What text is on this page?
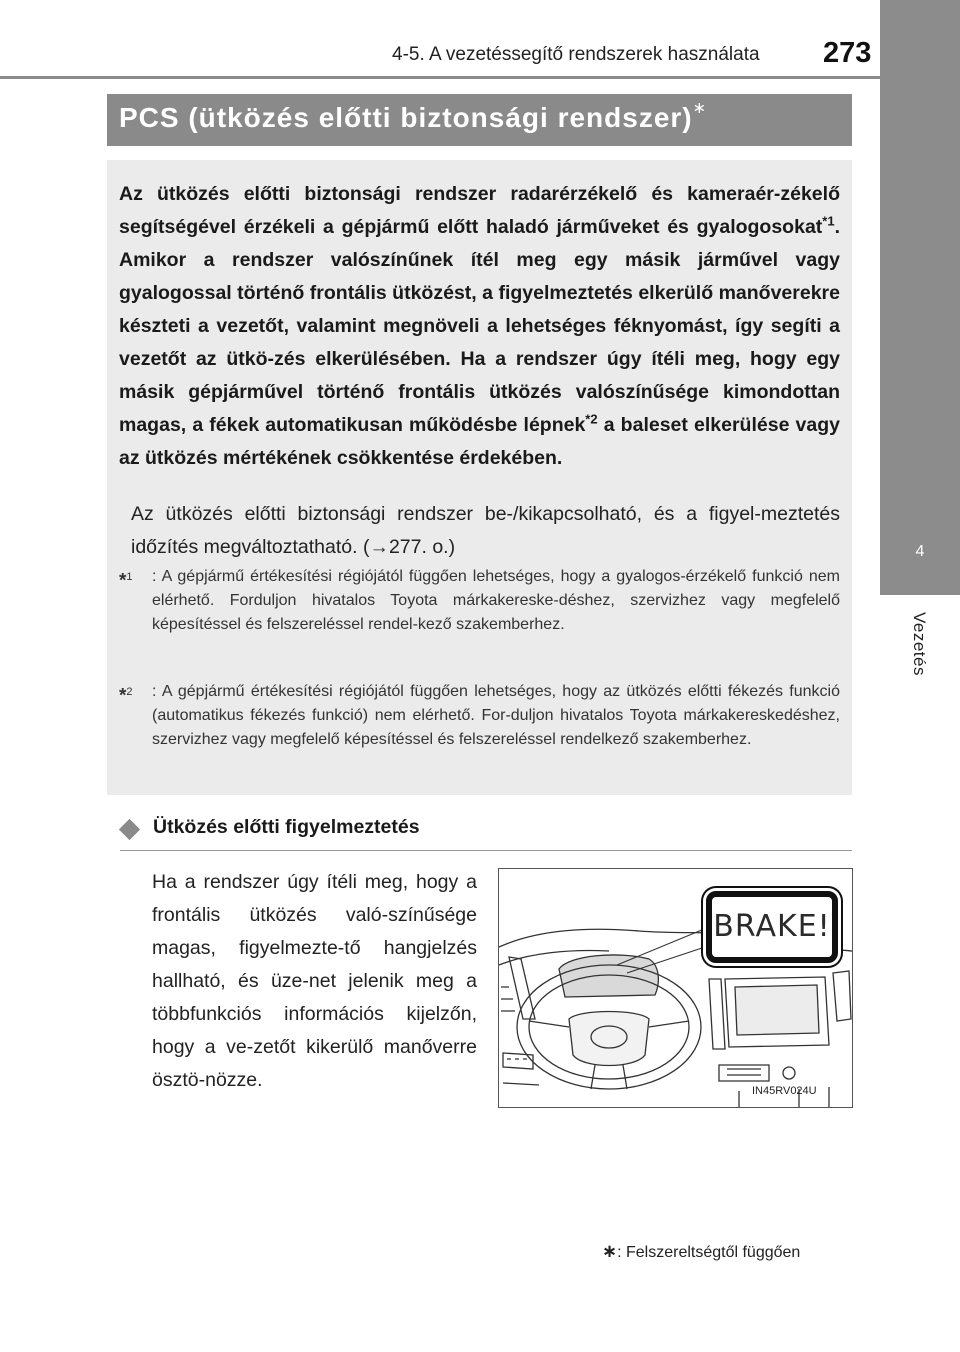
4-5. A vezetéssegítő rendszerek használata 273
4
Vezetés
PCS (ütközés előtti biztonsági rendszer)∗

Az ütközés előtti biztonsági rendszer radarérzékelő és kameraér-zékelő segítségével érzékeli a gépjármű előtt haladó járműveket és gyalogosokat$^{*1}$. Amikor a rendszer valószínűnek ítél meg egy másik járművel vagy gyalogossal történő frontális ütközést, a figyelmeztetés elkerülő manőverekre készteti a vezetőt, valamint megnöveli a lehetséges féknyomást, így segíti a vezetőt az ütkö-zés elkerülésében. Ha a rendszer úgy ítéli meg, hogy egy másik gépjárművel történő frontális ütközés valószínűsége kimondottan magas, a fékek automatikusan működésbe lépnek$^{*2}$ a baleset elkerülése vagy az ütközés mértékének csökkentése érdekében.

Az ütközés előtti biztonsági rendszer be-/kikapcsolható, és a figyel-meztetés időzítés megváltoztatható. (→277. o.)

*$^1$ : A gépjármű értékesítési régiójától függően lehetséges, hogy a gyalogos-érzékelő funkció nem elérhető. Forduljon hivatalos Toyota márkakereske-déshez, szervizhez vagy megfelelő képesítéssel és felszereléssel rendel-kező szakemberhez.
*$^2$ : A gépjármű értékesítési régiójától függően lehetséges, hogy az ütközés előtti fékezés funkció (automatikus fékezés funkció) nem elérhető. For-duljon hivatalos Toyota márkakereskedéshez, szervizhez vagy megfelelő képesítéssel és felszereléssel rendelkező szakemberhez.
Ütközés előtti figyelmeztetés

Ha a rendszer úgy ítéli meg, hogy a frontális ütközés való-színűsége magas, figyelmezte-tő hangjelzés hallható, és üze-net jelenik meg a többfunkciós információs kijelzőn, hogy a ve-zetőt kikerülő manőverre ösztö-nözze.

BRAKE!
IN45RV024U
∗: Felszereltségtől függően
